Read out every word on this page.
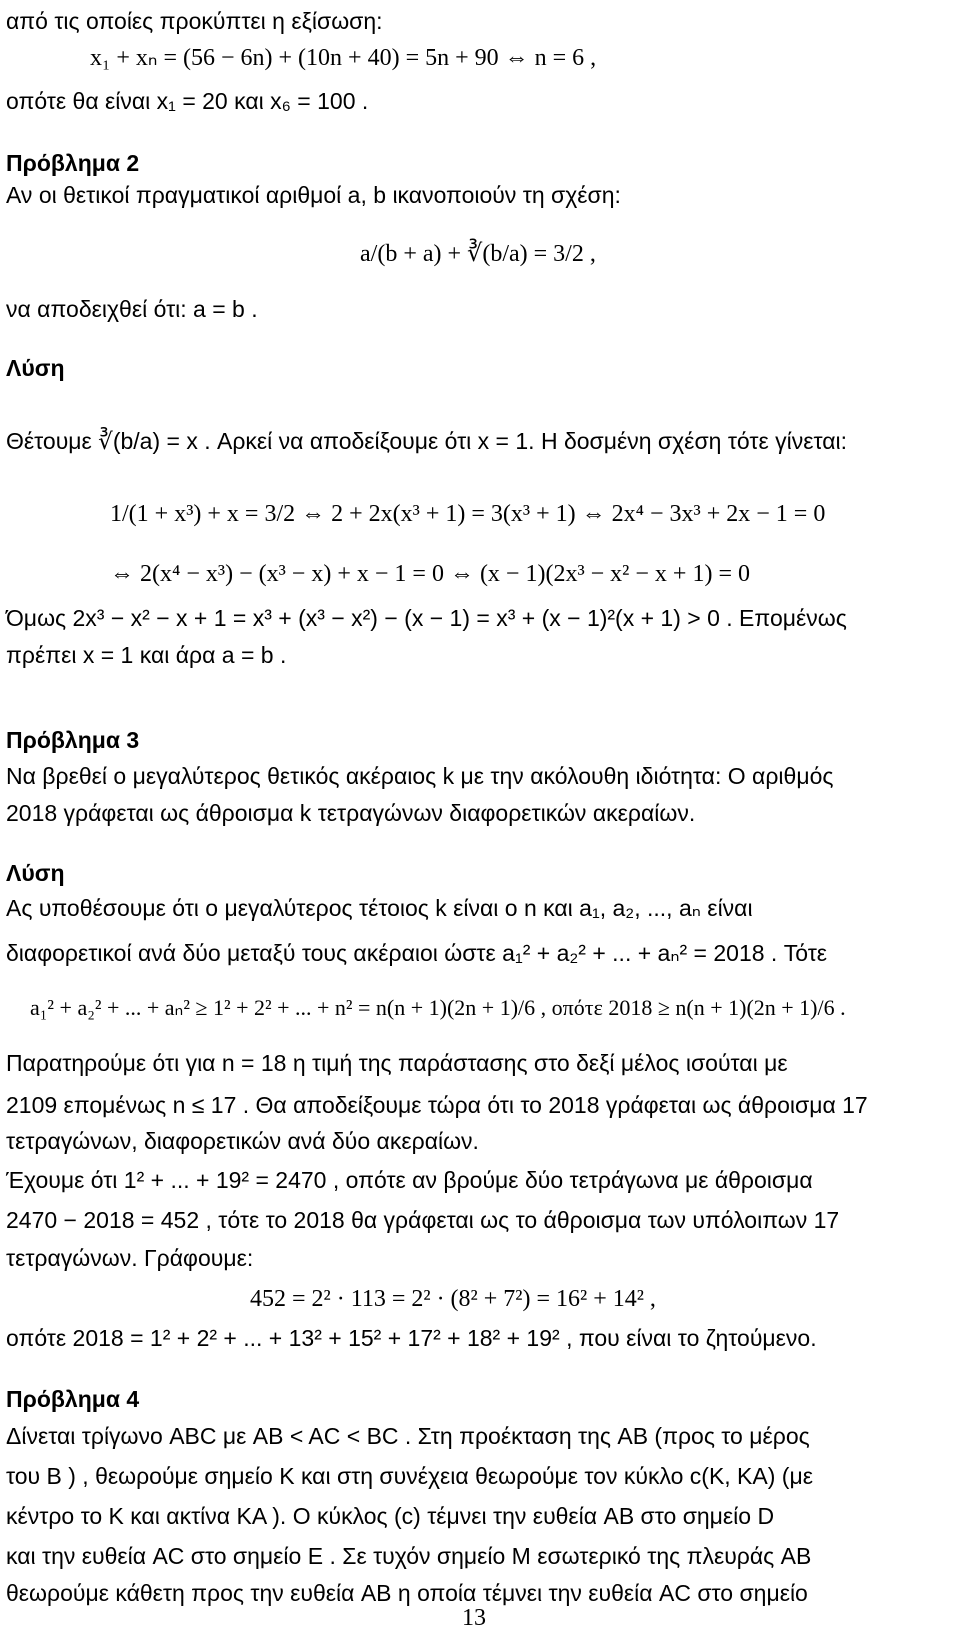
από τις οποίες προκύπτει η εξίσωση:
x₁ + xₙ = (56 − 6n) + (10n + 40) = 5n + 90 ⇔ n = 6 ,
οπότε θα είναι x₁ = 20 και x₆ = 100 .
Πρόβλημα 2
Αν οι θετικοί πραγματικοί αριθμοί a, b ικανοποιούν τη σχέση:
a/(b + a) + ∛(b/a) = 3/2 ,
να αποδειχθεί ότι: a = b .
Λύση
Θέτουμε ∛(b/a) = x . Αρκεί να αποδείξουμε ότι x = 1. Η δοσμένη σχέση τότε γίνεται:
1/(1 + x³) + x = 3/2 ⇔ 2 + 2x(x³ + 1) = 3(x³ + 1) ⇔ 2x⁴ − 3x³ + 2x − 1 = 0
⇔ 2(x⁴ − x³) − (x³ − x) + x − 1 = 0 ⇔ (x − 1)(2x³ − x² − x + 1) = 0
Όμως 2x³ − x² − x + 1 = x³ + (x³ − x²) − (x − 1) = x³ + (x − 1)²(x + 1) > 0 . Επομένως
πρέπει x = 1 και άρα a = b .
Πρόβλημα 3
Να βρεθεί ο μεγαλύτερος θετικός ακέραιος k με την ακόλουθη ιδιότητα: Ο αριθμός
2018 γράφεται ως άθροισμα k τετραγώνων διαφορετικών ακεραίων.
Λύση
Ας υποθέσουμε ότι ο μεγαλύτερος τέτοιος k είναι ο n και a₁, a₂, ..., aₙ είναι
διαφορετικοί ανά δύο μεταξύ τους ακέραιοι ώστε a₁² + a₂² + ... + aₙ² = 2018 . Τότε
a₁² + a₂² + ... + aₙ² ≥ 1² + 2² + ... + n² = n(n + 1)(2n + 1)/6 , οπότε 2018 ≥ n(n + 1)(2n + 1)/6 .
Παρατηρούμε ότι για n = 18 η τιμή της παράστασης στο δεξί μέλος ισούται με
2109 επομένως n ≤ 17 . Θα αποδείξουμε τώρα ότι το 2018 γράφεται ως άθροισμα 17
τετραγώνων, διαφορετικών ανά δύο ακεραίων.
Έχουμε ότι 1² + ... + 19² = 2470 , οπότε αν βρούμε δύο τετράγωνα με άθροισμα
2470 − 2018 = 452 , τότε το 2018 θα γράφεται ως το άθροισμα των υπόλοιπων 17
τετραγώνων. Γράφουμε:
452 = 2² · 113 = 2² · (8² + 7²) = 16² + 14² ,
οπότε 2018 = 1² + 2² + ... + 13² + 15² + 17² + 18² + 19² , που είναι το ζητούμενο.
Πρόβλημα 4
Δίνεται τρίγωνο ABC με AB < AC < BC . Στη προέκταση της AB (προς το μέρος
του B ) , θεωρούμε σημείο K και στη συνέχεια θεωρούμε τον κύκλο c(K, KA) (με
κέντρο το K και ακτίνα KA ). Ο κύκλος (c) τέμνει την ευθεία AB στο σημείο D
και την ευθεία AC στο σημείο E . Σε τυχόν σημείο M εσωτερικό της πλευράς AB
θεωρούμε κάθετη προς την ευθεία AB η οποία τέμνει την ευθεία AC στο σημείο
13
